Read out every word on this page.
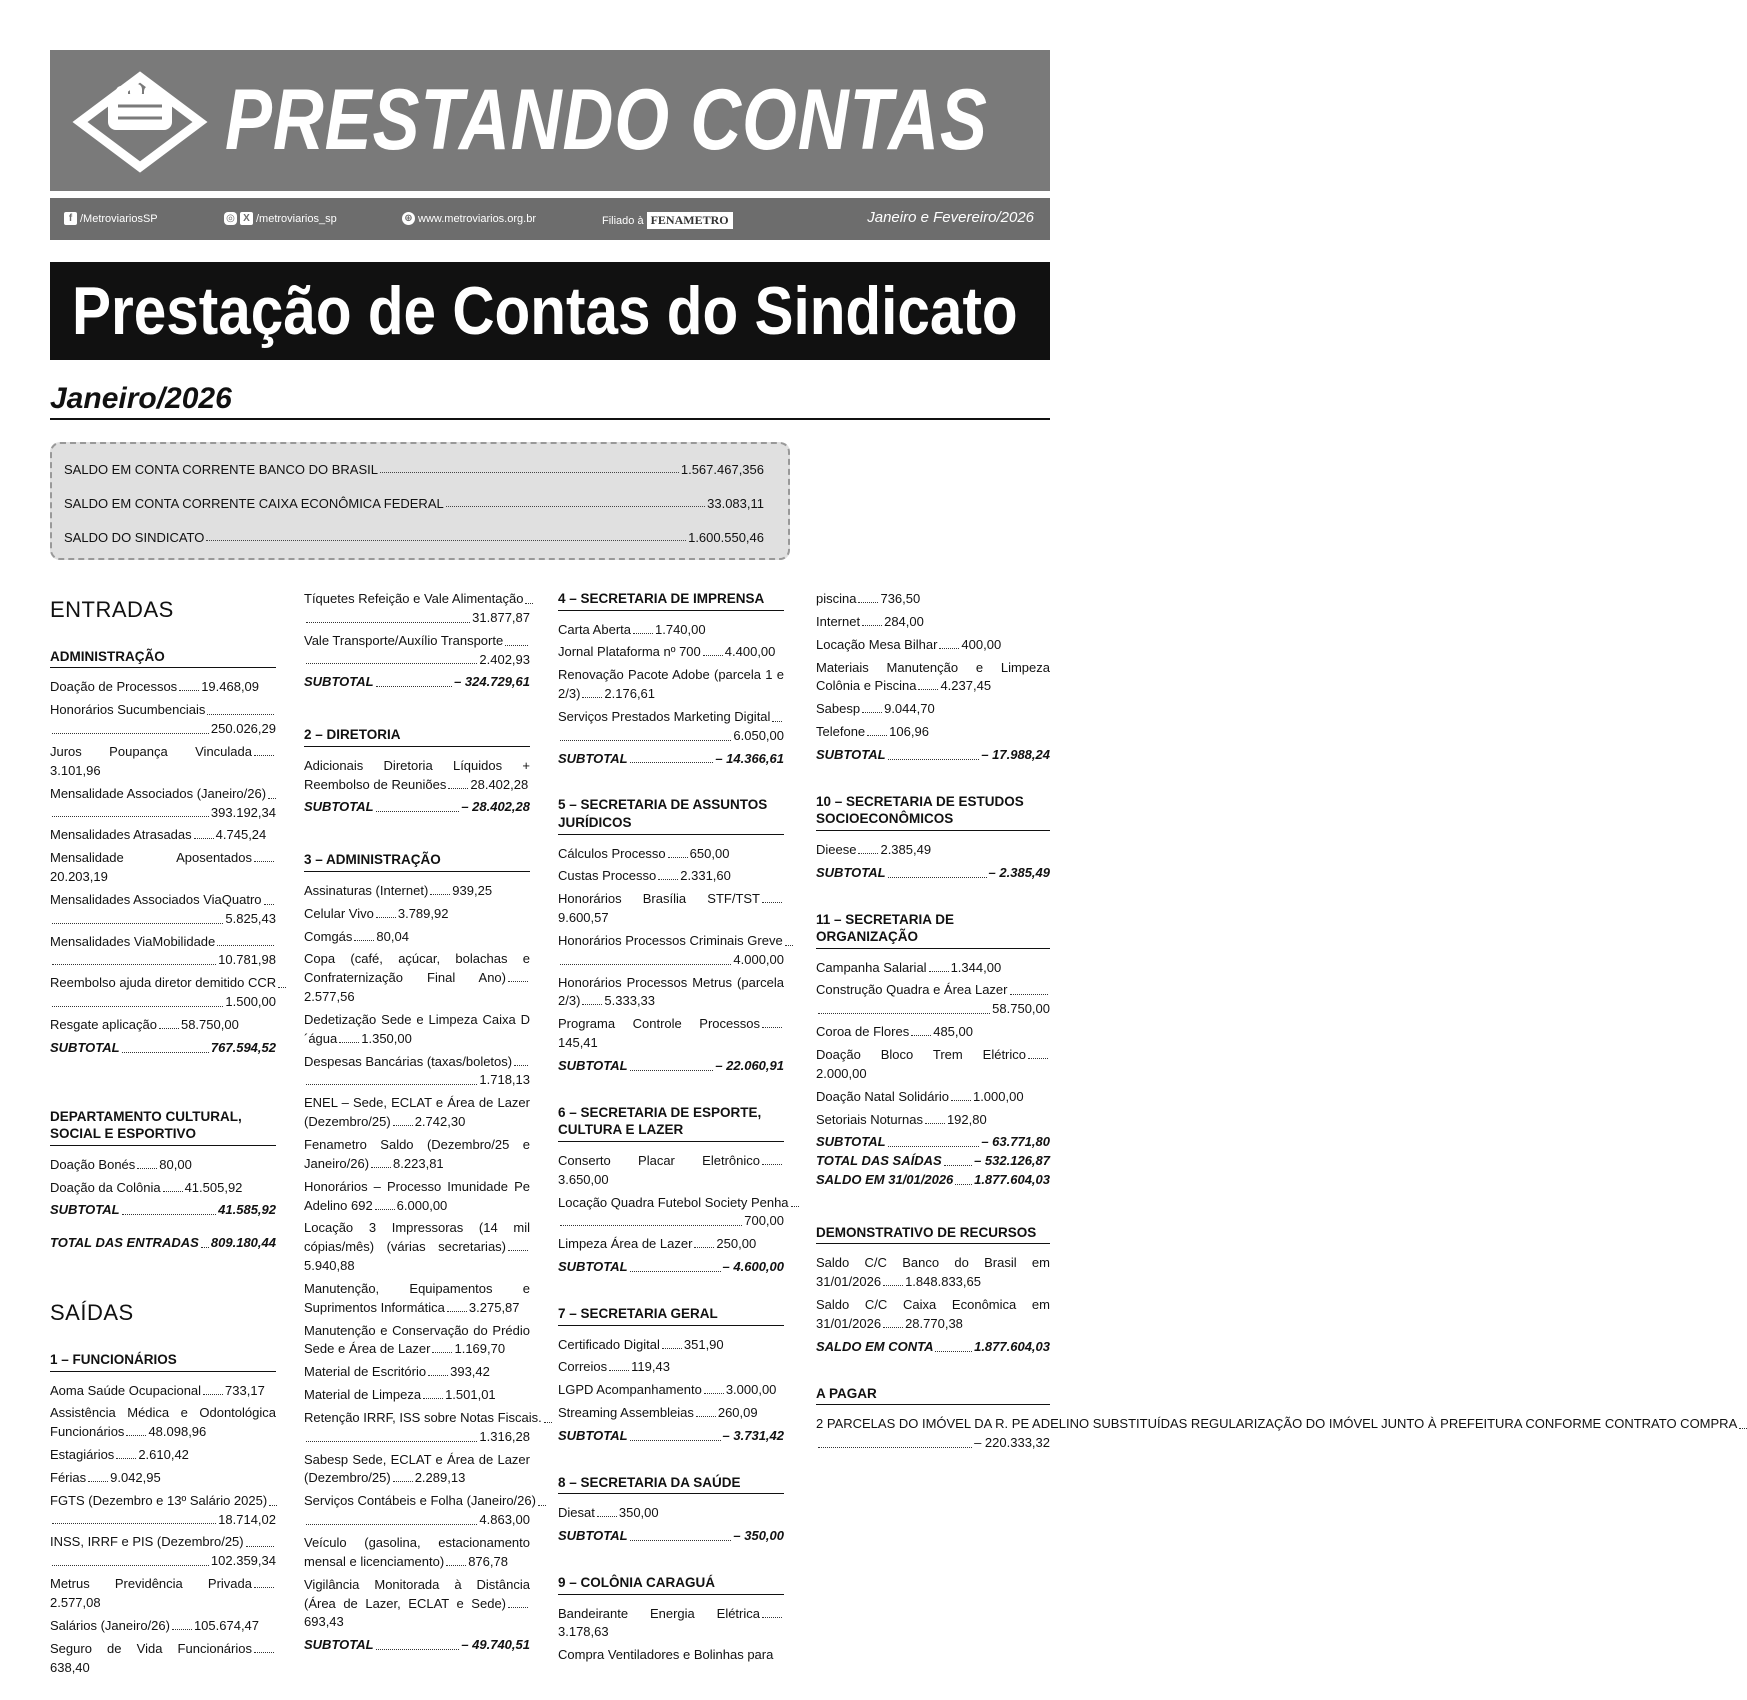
PRESTANDO CONTAS
f /MetroviariosSP	◎ X /metroviarios_sp	⊕ www.metroviarios.org.br	Filiado à FENAMETRO	Janeiro e Fevereiro/2026
Prestação de Contas do Sindicato
Janeiro/2026
SALDO EM CONTA CORRENTE BANCO DO BRASIL	1.567.467,356
SALDO EM CONTA CORRENTE CAIXA ECONÔMICA FEDERAL	33.083,11
SALDO DO SINDICATO	1.600.550,46
ENTRADAS
ADMINISTRAÇÃO
Doação de Processos 19.468,09
Honorários Sucumbenciais
250.026,29
Juros Poupança Vinculada3.101,96
Mensalidade Associados (Janeiro/26)
393.192,34
Mensalidades Atrasadas 4.745,24
Mensalidade Aposentados20.203,19
Mensalidades Associados ViaQuatro
5.825,43
Mensalidades ViaMobilidade
10.781,98
Reembolso ajuda diretor demitido CCR
1.500,00
Resgate aplicação 58.750,00
SUBTOTAL	767.594,52
DEPARTAMENTO CULTURAL, SOCIAL E ESPORTIVO
Doação Bonés 80,00
Doação da Colônia 41.505,92
SUBTOTAL	41.585,92
TOTAL DAS ENTRADAS 809.180,44
SAÍDAS
1 – FUNCIONÁRIOS
Aoma Saúde Ocupacional 733,17
Assistência Médica e Odontológica Funcionários 48.098,96
Estagiários 2.610,42
Férias 9.042,95
FGTS (Dezembro e 13º Salário 2025)
18.714,02
INSS, IRRF e PIS (Dezembro/25)
102.359,34
Metrus Previdência Privada2.577,08
Salários (Janeiro/26) 105.674,47
Seguro de Vida Funcionários638,40
Tíquetes Refeição e Vale Alimentação
31.877,87
Vale Transporte/Auxílio Transporte
2.402,93
SUBTOTAL	– 324.729,61
2 – DIRETORIA
Adicionais Diretoria Líquidos + Reembolso de Reuniões 28.402,28
SUBTOTAL	– 28.402,28
3 – ADMINISTRAÇÃO
Assinaturas (Internet) 939,25
Celular Vivo 3.789,92
Comgás 80,04
Copa (café, açúcar, bolachas e Confraternização Final Ano)2.577,56
Dedetização Sede e Limpeza Caixa D´água 1.350,00
Despesas Bancárias (taxas/boletos)
1.718,13
ENEL – Sede, ECLAT e Área de Lazer (Dezembro/25) 2.742,30
Fenametro Saldo (Dezembro/25 e Janeiro/26) 8.223,81
Honorários – Processo Imunidade Pe Adelino 692 6.000,00
Locação 3 Impressoras (14 mil cópias/mês) (várias secretarias)5.940,88
Manutenção, Equipamentos e Suprimentos Informática 3.275,87
Manutenção e Conservação do Prédio Sede e Área de Lazer 1.169,70
Material de Escritório 393,42
Material de Limpeza 1.501,01
Retenção IRRF, ISS sobre Notas Fiscais.
1.316,28
Sabesp Sede, ECLAT e Área de Lazer (Dezembro/25) 2.289,13
Serviços Contábeis e Folha (Janeiro/26)
4.863,00
Veículo (gasolina, estacionamento mensal e licenciamento) 876,78
Vigilância Monitorada à Distância (Área de Lazer, ECLAT e Sede)693,43
SUBTOTAL	– 49.740,51
4 – SECRETARIA DE IMPRENSA
Carta Aberta 1.740,00
Jornal Plataforma nº 700 4.400,00
Renovação Pacote Adobe (parcela 1 e 2/3) 2.176,61
Serviços Prestados Marketing Digital
6.050,00
SUBTOTAL	– 14.366,61
5 – SECRETARIA DE ASSUNTOS JURÍDICOS
Cálculos Processo 650,00
Custas Processo 2.331,60
Honorários Brasília STF/TST9.600,57
Honorários Processos Criminais Greve
4.000,00
Honorários Processos Metrus (parcela 2/3) 5.333,33
Programa Controle Processos145,41
SUBTOTAL	– 22.060,91
6 – SECRETARIA DE ESPORTE, CULTURA E LAZER
Conserto Placar Eletrônico3.650,00
Locação Quadra Futebol Society Penha
700,00
Limpeza Área de Lazer 250,00
SUBTOTAL	– 4.600,00
7 – SECRETARIA GERAL
Certificado Digital 351,90
Correios 119,43
LGPD Acompanhamento 3.000,00
Streaming Assembleias 260,09
SUBTOTAL	– 3.731,42
8 – SECRETARIA DA SAÚDE
Diesat 350,00
SUBTOTAL	– 350,00
9 – COLÔNIA CARAGUÁ
Bandeirante Energia Elétrica3.178,63
Compra Ventiladores e Bolinhas para
piscina 736,50
Internet 284,00
Locação Mesa Bilhar 400,00
Materiais Manutenção e Limpeza Colônia e Piscina 4.237,45
Sabesp 9.044,70
Telefone 106,96
SUBTOTAL	– 17.988,24
10 – SECRETARIA DE ESTUDOS SOCIOECONÔMICOS
Dieese 2.385,49
SUBTOTAL	– 2.385,49
11 – SECRETARIA DE ORGANIZAÇÃO
Campanha Salarial 1.344,00
Construção Quadra e Área Lazer
58.750,00
Coroa de Flores 485,00
Doação Bloco Trem Elétrico2.000,00
Doação Natal Solidário 1.000,00
Setoriais Noturnas 192,80
SUBTOTAL	– 63.771,80
TOTAL DAS SAÍDAS – 532.126,87
SALDO EM 31/01/2026 1.877.604,03
DEMONSTRATIVO DE RECURSOS
Saldo C/C Banco do Brasil em 31/01/2026 1.848.833,65
Saldo C/C Caixa Econômica em 31/01/2026 28.770,38
SALDO EM CONTA	1.877.604,03
A PAGAR
2 PARCELAS DO IMÓVEL DA R. PE ADELINO SUBSTITUÍDAS REGULARIZAÇÃO DO IMÓVEL JUNTO À PREFEITURA CONFORME CONTRATO COMPRA
– 220.333,32
